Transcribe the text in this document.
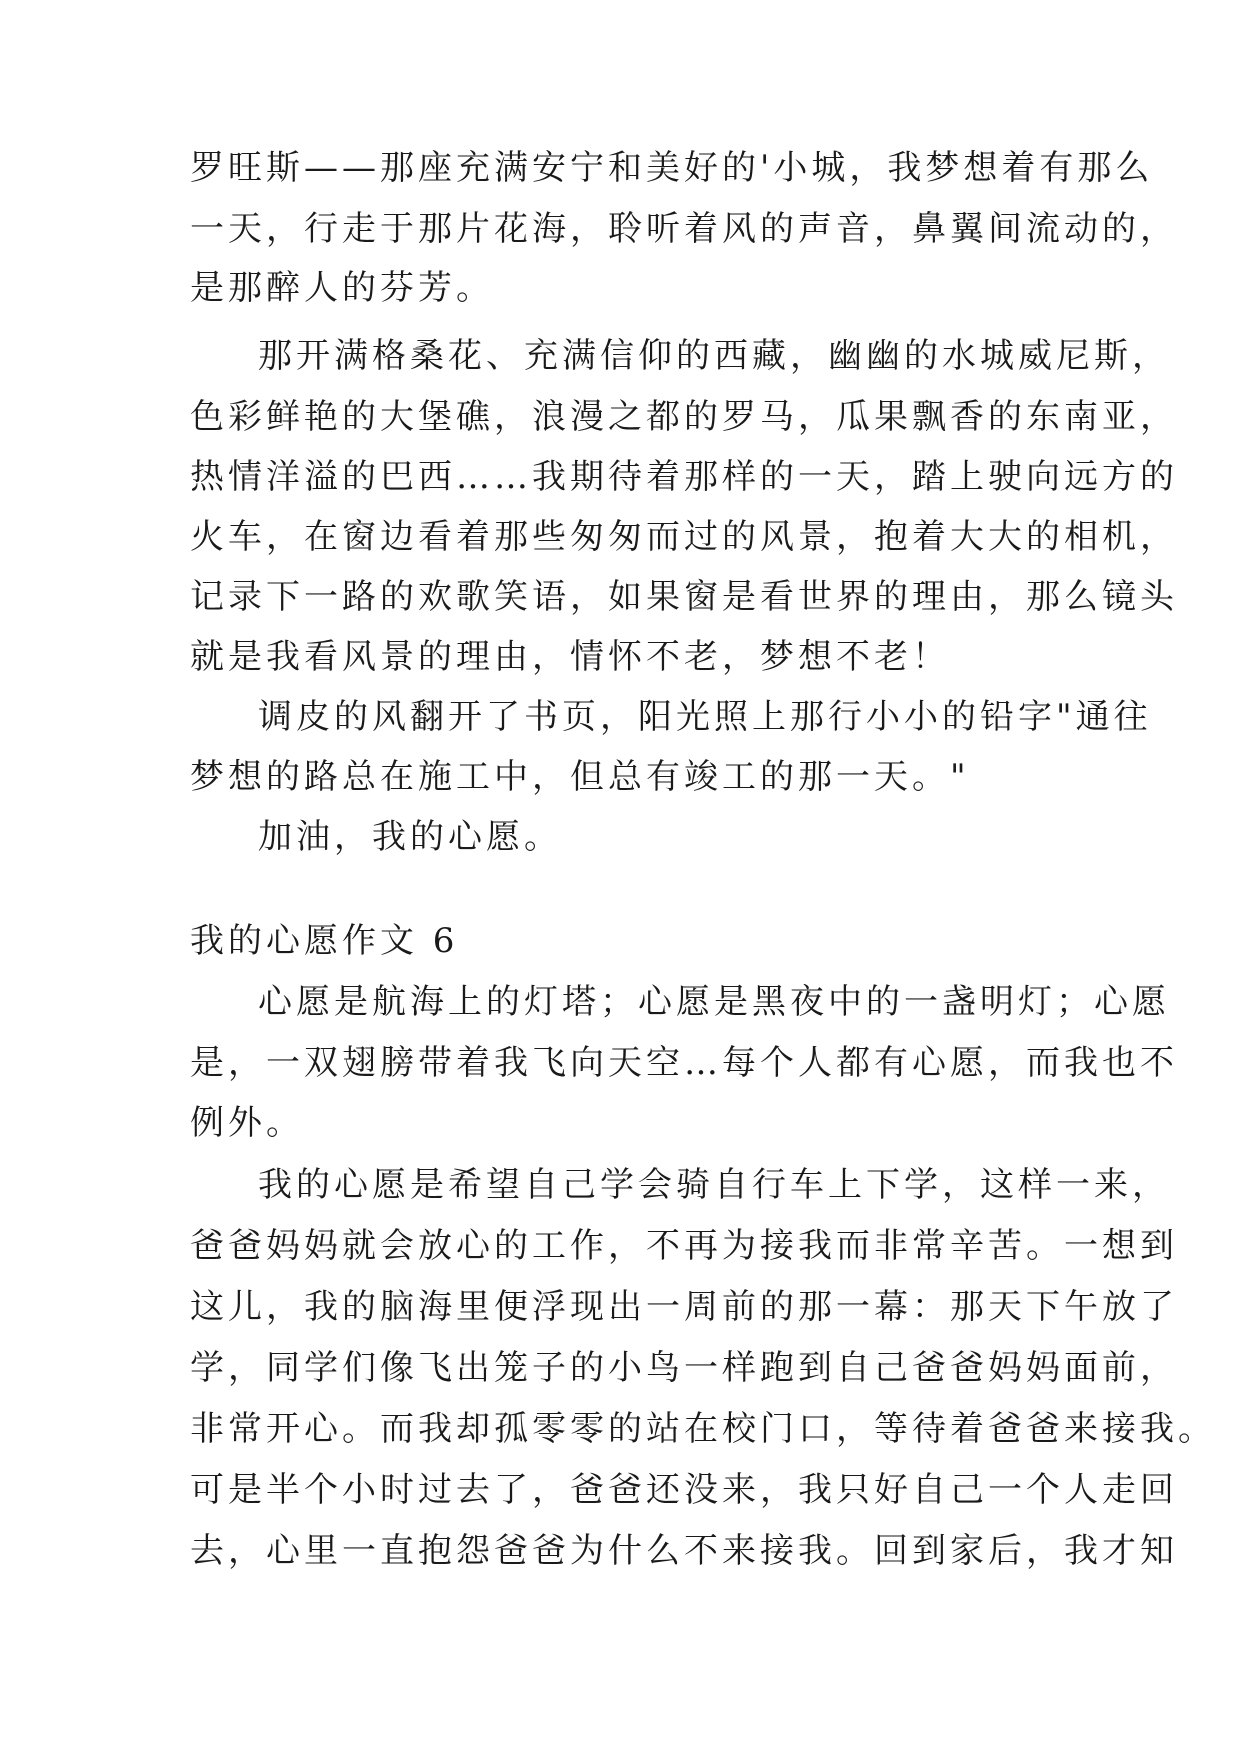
罗旺斯——那座充满安宁和美好的'小城，我梦想着有那么
一天，行走于那片花海，聆听着风的声音，鼻翼间流动的，
是那醉人的芬芳。
那开满格桑花、充满信仰的西藏，幽幽的水城威尼斯，
色彩鲜艳的大堡礁，浪漫之都的罗马，瓜果飘香的东南亚，
热情洋溢的巴西……我期待着那样的一天，踏上驶向远方的
火车，在窗边看着那些匆匆而过的风景，抱着大大的相机，
记录下一路的欢歌笑语，如果窗是看世界的理由，那么镜头
就是我看风景的理由，情怀不老，梦想不老！
调皮的风翻开了书页，阳光照上那行小小的铅字"通往
梦想的路总在施工中，但总有竣工的那一天。"
加油，我的心愿。
我的心愿作文 6
心愿是航海上的灯塔；心愿是黑夜中的一盏明灯；心愿
是，一双翅膀带着我飞向天空…每个人都有心愿，而我也不
例外。
我的心愿是希望自己学会骑自行车上下学，这样一来，
爸爸妈妈就会放心的工作，不再为接我而非常辛苦。一想到
这儿，我的脑海里便浮现出一周前的那一幕：那天下午放了
学，同学们像飞出笼子的小鸟一样跑到自己爸爸妈妈面前，
非常开心。而我却孤零零的站在校门口，等待着爸爸来接我。
可是半个小时过去了，爸爸还没来，我只好自己一个人走回
去，心里一直抱怨爸爸为什么不来接我。回到家后，我才知
